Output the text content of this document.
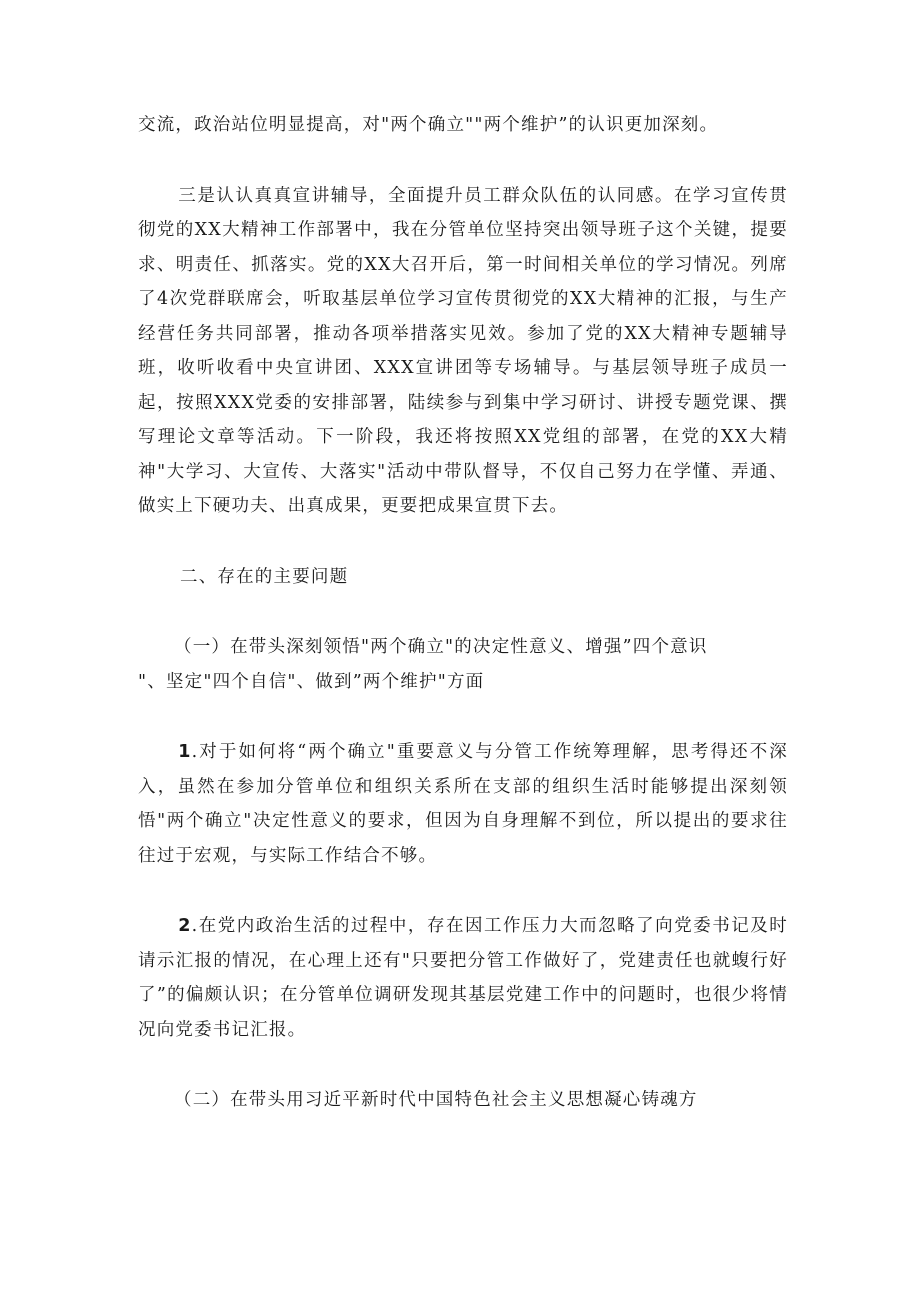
交流，政治站位明显提高，对"两个确立""两个维护”的认识更加深刻。

三是认认真真宣讲辅导，全面提升员工群众队伍的认同感。在学习宣传贯彻党的XX大精神工作部署中，我在分管单位坚持突出领导班子这个关键，提要求、明责任、抓落实。党的XX大召开后，第一时间相关单位的学习情况。列席了4次党群联席会，听取基层单位学习宣传贯彻党的XX大精神的汇报，与生产经营任务共同部署，推动各项举措落实见效。参加了党的XX大精神专题辅导班，收听收看中央宣讲团、XXX宣讲团等专场辅导。与基层领导班子成员一起，按照XXX党委的安排部署，陆续参与到集中学习研讨、讲授专题党课、撰写理论文章等活动。下一阶段，我还将按照XX党组的部署，在党的XX大精神"大学习、大宣传、大落实"活动中带队督导，不仅自己努力在学懂、弄通、做实上下硬功夫、出真成果，更要把成果宣贯下去。

二、存在的主要问题

（一）在带头深刻领悟"两个确立"的决定性意义、增强”四个意识
"、坚定"四个自信"、做到”两个维护"方面

1.对于如何将“两个确立"重要意义与分管工作统筹理解，思考得还不深入，虽然在参加分管单位和组织关系所在支部的组织生活时能够提出深刻领悟"两个确立"决定性意义的要求，但因为自身理解不到位，所以提出的要求往往过于宏观，与实际工作结合不够。

2.在党内政治生活的过程中，存在因工作压力大而忽略了向党委书记及时请示汇报的情况，在心理上还有"只要把分管工作做好了，党建责任也就蝮行好了”的偏颇认识；在分管单位调研发现其基层党建工作中的问题时，也很少将情况向党委书记汇报。

（二）在带头用习近平新时代中国特色社会主义思想凝心铸魂方
